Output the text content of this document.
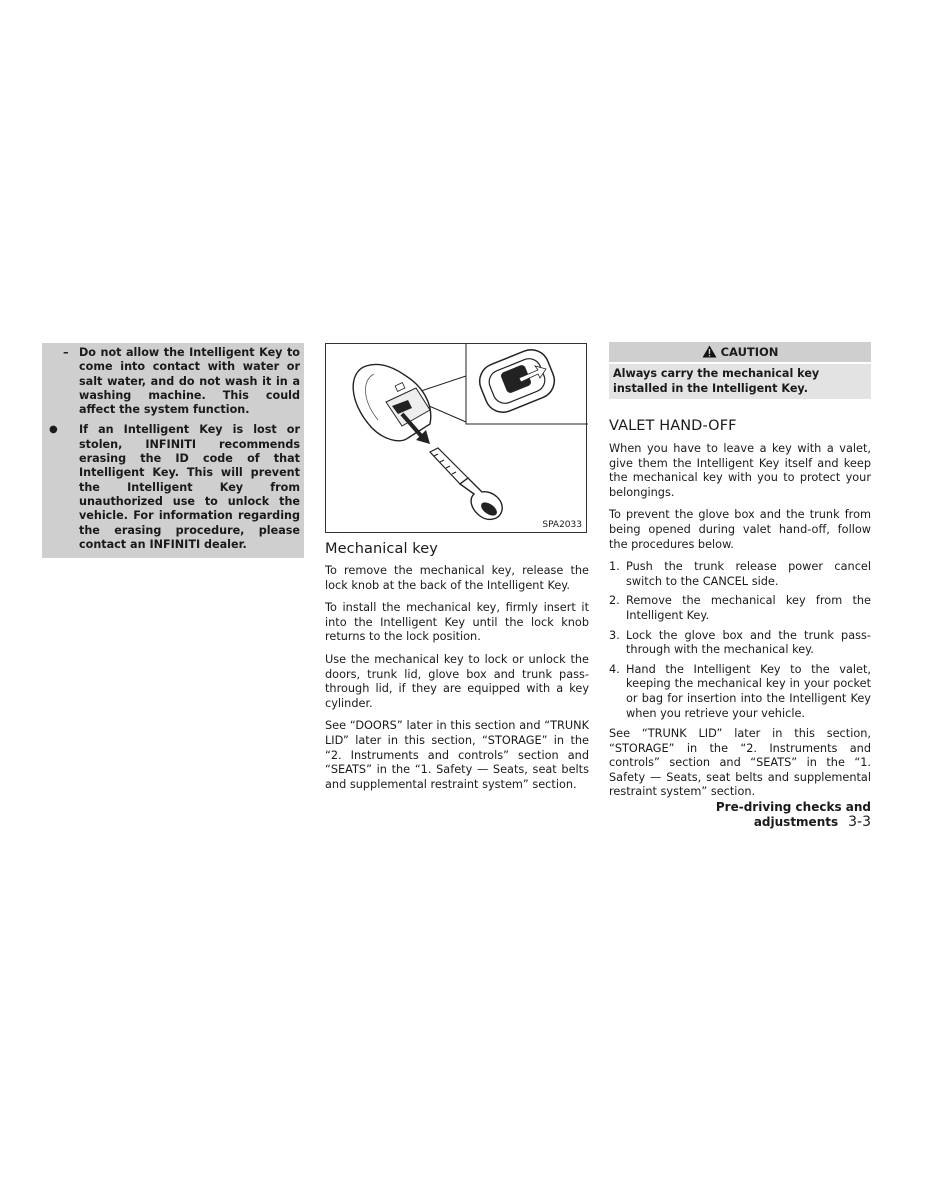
– Do not allow the Intelligent Key to come into contact with water or salt water, and do not wash it in a washing machine. This could affect the system function.
● If an Intelligent Key is lost or stolen, INFINITI recommends erasing the ID code of that Intelligent Key. This will prevent the Intelligent Key from unauthorized use to unlock the vehicle. For information regarding the erasing procedure, please contact an INFINITI dealer.
SPA2033
Mechanical key

To remove the mechanical key, release the lock knob at the back of the Intelligent Key.

To install the mechanical key, firmly insert it into the Intelligent Key until the lock knob returns to the lock position.

Use the mechanical key to lock or unlock the doors, trunk lid, glove box and trunk pass-through lid, if they are equipped with a key cylinder.

See “DOORS” later in this section and “TRUNK LID” later in this section, “STORAGE” in the “2. Instruments and controls” section and “SEATS” in the “1. Safety — Seats, seat belts and supplemental restraint system” section.

CAUTION
Always carry the mechanical key installed in the Intelligent Key.
VALET HAND-OFF

When you have to leave a key with a valet, give them the Intelligent Key itself and keep the mechanical key with you to protect your belongings.

To prevent the glove box and the trunk from being opened during valet hand-off, follow the procedures below.

1. Push the trunk release power cancel switch to the CANCEL side.
2. Remove the mechanical key from the Intelligent Key.
3. Lock the glove box and the trunk pass-through with the mechanical key.
4. Hand the Intelligent Key to the valet, keeping the mechanical key in your pocket or bag for insertion into the Intelligent Key when you retrieve your vehicle.

See “TRUNK LID” later in this section, “STORAGE” in the “2. Instruments and controls” section and “SEATS” in the “1. Safety — Seats, seat belts and supplemental restraint system” section.

Pre-driving checks and adjustments 3-3
